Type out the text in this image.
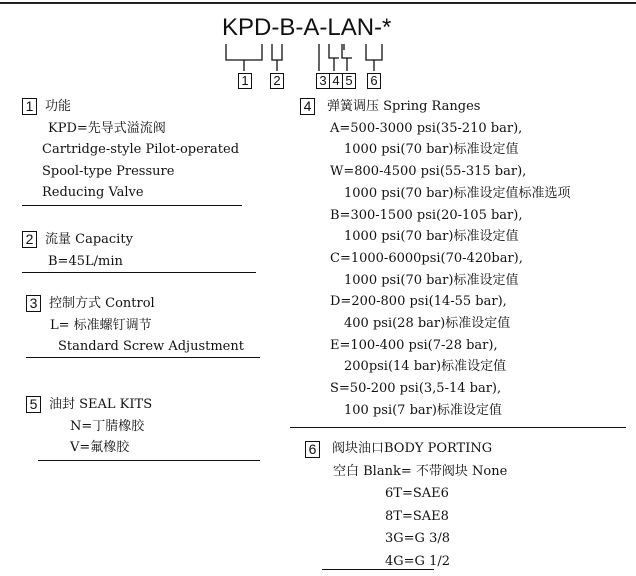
KPD-B-A-LAN-*
1 2	3 4 5 6
1 功能
KPD=先导式溢流阀
Cartridge-style Pilot-operated
Spool-type Pressure
Reducing Valve
2 流量 Capacity
B=45L/min
3 控制方式 Control
L= 标准螺钉调节
Standard Screw Adjustment
5 油封 SEAL KITS
N=丁腈橡胶
V=氟橡胶
4	弹簧调压 Spring Ranges
A=500-3000 psi(35-210 bar),
1000 psi(70 bar)标准设定值
W=800-4500 psi(55-315 bar),
1000 psi(70 bar)标准设定值标准选项
B=300-1500 psi(20-105 bar),
1000 psi(70 bar)标准设定值
C=1000-6000psi(70-420bar),
1000 psi(70 bar)标准设定值
D=200-800 psi(14-55 bar),
400 psi(28 bar)标准设定值
E=100-400 psi(7-28 bar),
200psi(14 bar)标准设定值
S=50-200 psi(3,5-14 bar),
100 psi(7 bar)标准设定值
6	阀块油口BODY PORTING
空白 Blank= 不带阀块 None
6T=SAE6
8T=SAE8
3G=G 3/8
4G=G 1/2
